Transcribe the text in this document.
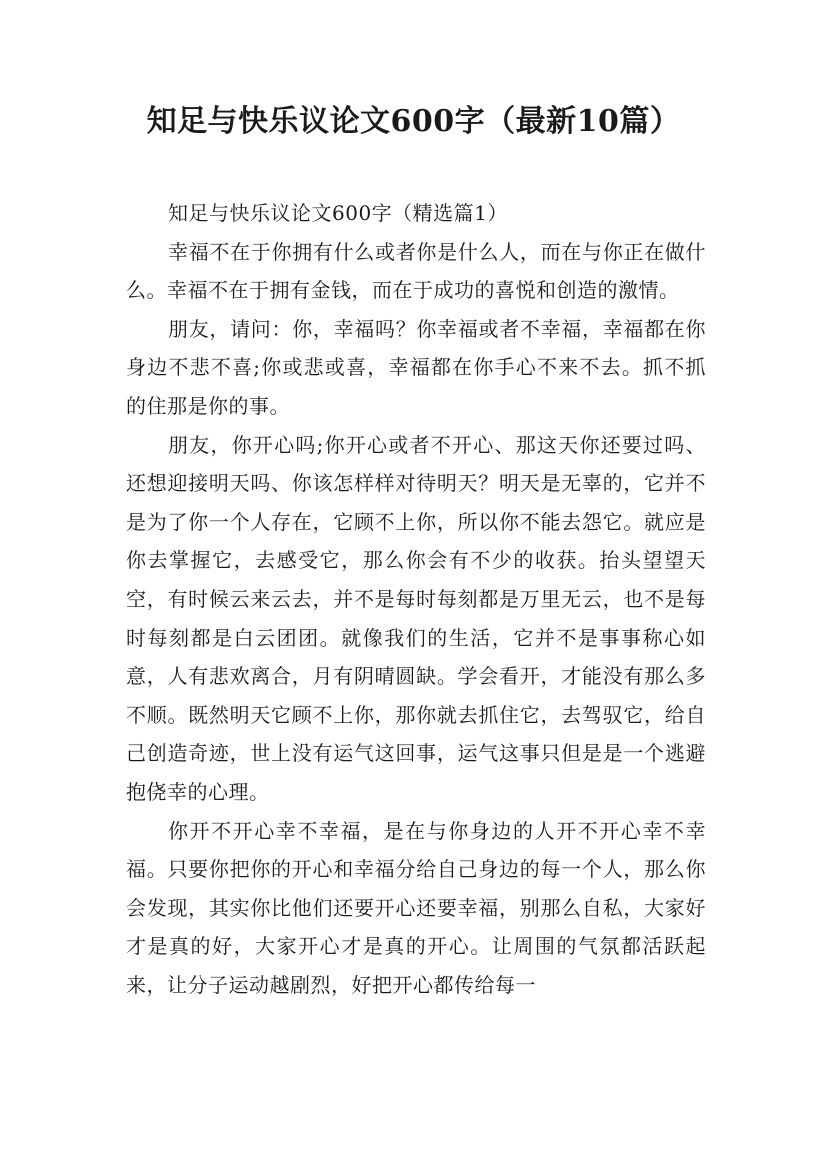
知足与快乐议论文600字（最新10篇）

知足与快乐议论文600字（精选篇1）

幸福不在于你拥有什么或者你是什么人，而在与你正在做什么。幸福不在于拥有金钱，而在于成功的喜悦和创造的激情。

朋友，请问：你，幸福吗？你幸福或者不幸福，幸福都在你身边不悲不喜;你或悲或喜，幸福都在你手心不来不去。抓不抓的住那是你的事。

朋友，你开心吗;你开心或者不开心、那这天你还要过吗、还想迎接明天吗、你该怎样样对待明天？明天是无辜的，它并不是为了你一个人存在，它顾不上你，所以你不能去怨它。就应是你去掌握它，去感受它，那么你会有不少的收获。抬头望望天空，有时候云来云去，并不是每时每刻都是万里无云，也不是每时每刻都是白云团团。就像我们的生活，它并不是事事称心如意，人有悲欢离合，月有阴晴圆缺。学会看开，才能没有那么多不顺。既然明天它顾不上你，那你就去抓住它，去驾驭它，给自己创造奇迹，世上没有运气这回事，运气这事只但是是一个逃避抱侥幸的心理。

你开不开心幸不幸福，是在与你身边的人开不开心幸不幸福。只要你把你的开心和幸福分给自己身边的每一个人，那么你会发现，其实你比他们还要开心还要幸福，别那么自私，大家好才是真的好，大家开心才是真的开心。让周围的气氛都活跃起来，让分子运动越剧烈，好把开心都传给每一
